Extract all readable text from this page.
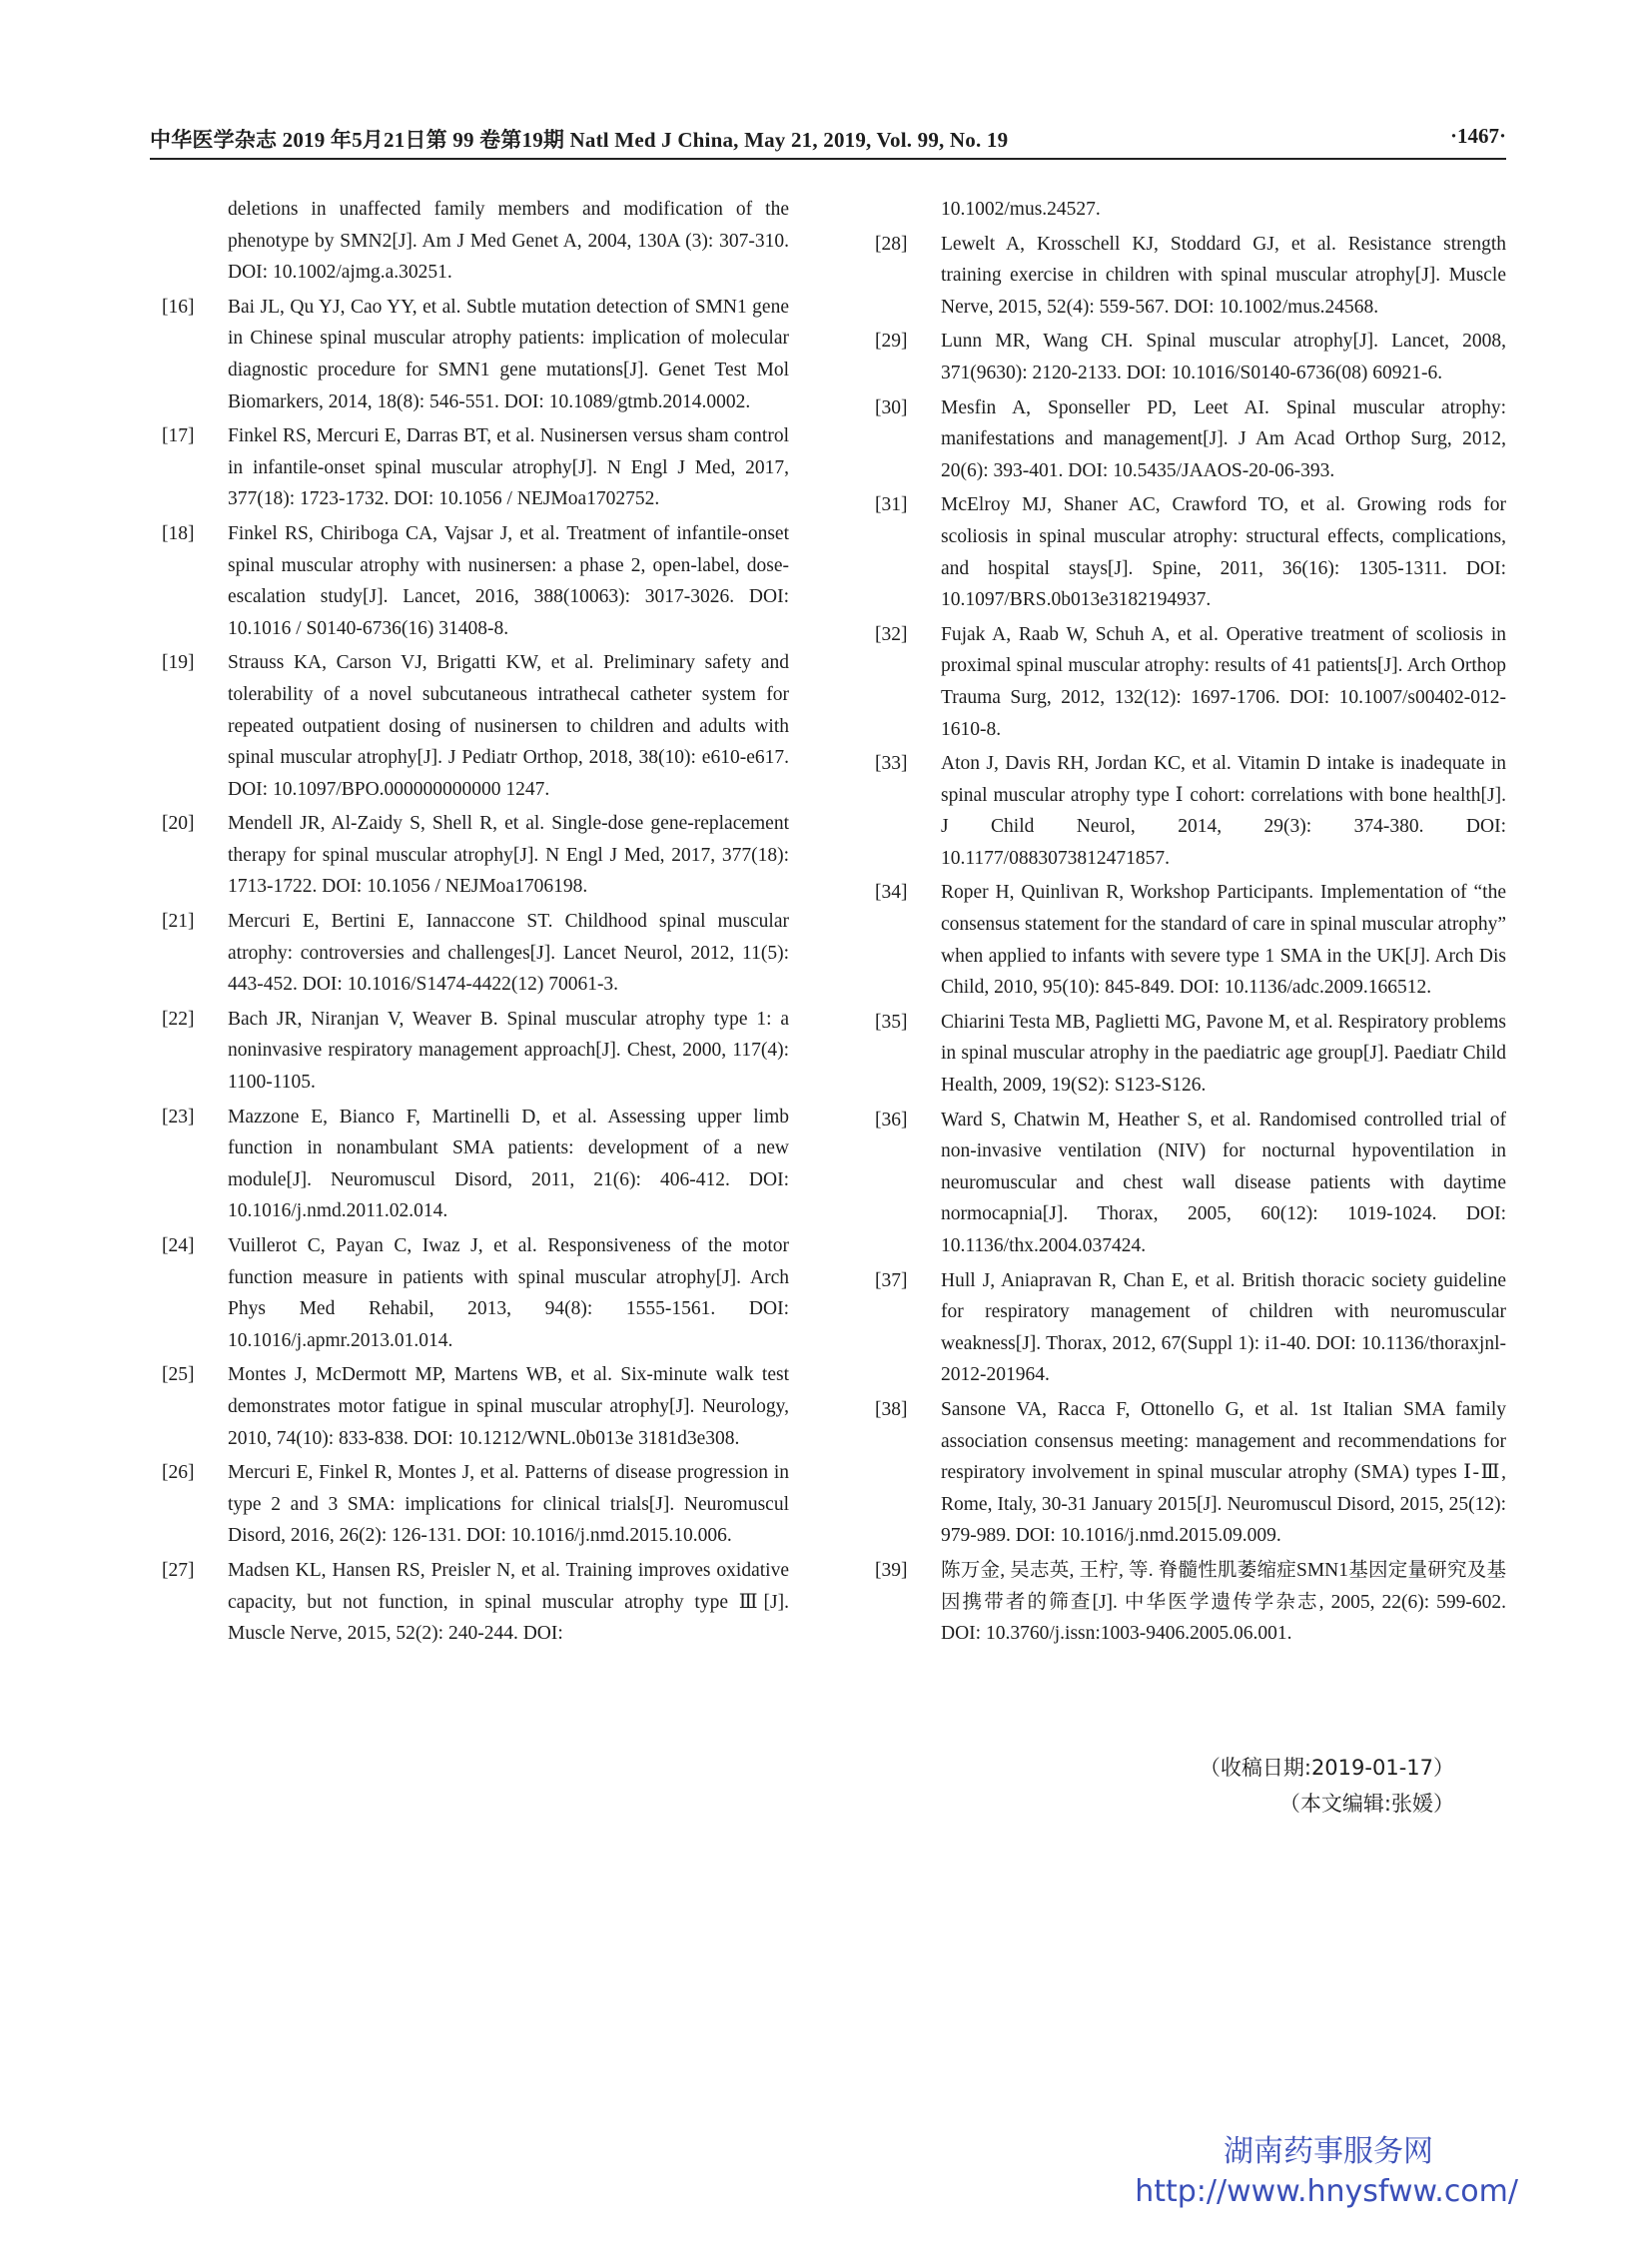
中华医学杂志 2019 年5月21日第 99 卷第19期 Natl Med J China, May 21, 2019, Vol. 99, No. 19	·1467·
deletions in unaffected family members and modification of the phenotype by SMN2[J]. Am J Med Genet A, 2004, 130A (3): 307-310. DOI: 10.1002/ajmg.a.30251.
[16] Bai JL, Qu YJ, Cao YY, et al. Subtle mutation detection of SMN1 gene in Chinese spinal muscular atrophy patients: implication of molecular diagnostic procedure for SMN1 gene mutations[J]. Genet Test Mol Biomarkers, 2014, 18(8): 546-551. DOI: 10.1089/gtmb.2014.0002.
[17] Finkel RS, Mercuri E, Darras BT, et al. Nusinersen versus sham control in infantile-onset spinal muscular atrophy[J]. N Engl J Med, 2017, 377(18): 1723-1732. DOI: 10.1056 / NEJMoa1702752.
[18] Finkel RS, Chiriboga CA, Vajsar J, et al. Treatment of infantile-onset spinal muscular atrophy with nusinersen: a phase 2, open-label, dose-escalation study[J]. Lancet, 2016, 388(10063): 3017-3026. DOI: 10.1016 / S0140-6736(16) 31408-8.
[19] Strauss KA, Carson VJ, Brigatti KW, et al. Preliminary safety and tolerability of a novel subcutaneous intrathecal catheter system for repeated outpatient dosing of nusinersen to children and adults with spinal muscular atrophy[J]. J Pediatr Orthop, 2018, 38(10): e610-e617. DOI: 10.1097/BPO.000000000000 1247.
[20] Mendell JR, Al-Zaidy S, Shell R, et al. Single-dose gene-replacement therapy for spinal muscular atrophy[J]. N Engl J Med, 2017, 377(18): 1713-1722. DOI: 10.1056 / NEJMoa1706198.
[21] Mercuri E, Bertini E, Iannaccone ST. Childhood spinal muscular atrophy: controversies and challenges[J]. Lancet Neurol, 2012, 11(5): 443-452. DOI: 10.1016/S1474-4422(12) 70061-3.
[22] Bach JR, Niranjan V, Weaver B. Spinal muscular atrophy type 1: a noninvasive respiratory management approach[J]. Chest, 2000, 117(4): 1100-1105.
[23] Mazzone E, Bianco F, Martinelli D, et al. Assessing upper limb function in nonambulant SMA patients: development of a new module[J]. Neuromuscul Disord, 2011, 21(6): 406-412. DOI: 10.1016/j.nmd.2011.02.014.
[24] Vuillerot C, Payan C, Iwaz J, et al. Responsiveness of the motor function measure in patients with spinal muscular atrophy[J]. Arch Phys Med Rehabil, 2013, 94(8): 1555-1561. DOI: 10.1016/j.apmr.2013.01.014.
[25] Montes J, McDermott MP, Martens WB, et al. Six-minute walk test demonstrates motor fatigue in spinal muscular atrophy[J]. Neurology, 2010, 74(10): 833-838. DOI: 10.1212/WNL.0b013e 3181d3e308.
[26] Mercuri E, Finkel R, Montes J, et al. Patterns of disease progression in type 2 and 3 SMA: implications for clinical trials[J]. Neuromuscul Disord, 2016, 26(2): 126-131. DOI: 10.1016/j.nmd.2015.10.006.
[27] Madsen KL, Hansen RS, Preisler N, et al. Training improves oxidative capacity, but not function, in spinal muscular atrophy type Ⅲ[J]. Muscle Nerve, 2015, 52(2): 240-244. DOI:
10.1002/mus.24527.
[28] Lewelt A, Krosschell KJ, Stoddard GJ, et al. Resistance strength training exercise in children with spinal muscular atrophy[J]. Muscle Nerve, 2015, 52(4): 559-567. DOI: 10.1002/mus.24568.
[29] Lunn MR, Wang CH. Spinal muscular atrophy[J]. Lancet, 2008, 371(9630): 2120-2133. DOI: 10.1016/S0140-6736(08) 60921-6.
[30] Mesfin A, Sponseller PD, Leet AI. Spinal muscular atrophy: manifestations and management[J]. J Am Acad Orthop Surg, 2012, 20(6): 393-401. DOI: 10.5435/JAAOS-20-06-393.
[31] McElroy MJ, Shaner AC, Crawford TO, et al. Growing rods for scoliosis in spinal muscular atrophy: structural effects, complications, and hospital stays[J]. Spine, 2011, 36(16): 1305-1311. DOI: 10.1097/BRS.0b013e3182194937.
[32] Fujak A, Raab W, Schuh A, et al. Operative treatment of scoliosis in proximal spinal muscular atrophy: results of 41 patients[J]. Arch Orthop Trauma Surg, 2012, 132(12): 1697-1706. DOI: 10.1007/s00402-012-1610-8.
[33] Aton J, Davis RH, Jordan KC, et al. Vitamin D intake is inadequate in spinal muscular atrophy type Ⅰ cohort: correlations with bone health[J]. J Child Neurol, 2014, 29(3): 374-380. DOI: 10.1177/0883073812471857.
[34] Roper H, Quinlivan R, Workshop Participants. Implementation of “the consensus statement for the standard of care in spinal muscular atrophy” when applied to infants with severe type 1 SMA in the UK[J]. Arch Dis Child, 2010, 95(10): 845-849. DOI: 10.1136/adc.2009.166512.
[35] Chiarini Testa MB, Paglietti MG, Pavone M, et al. Respiratory problems in spinal muscular atrophy in the paediatric age group[J]. Paediatr Child Health, 2009, 19(S2): S123-S126.
[36] Ward S, Chatwin M, Heather S, et al. Randomised controlled trial of non-invasive ventilation (NIV) for nocturnal hypoventilation in neuromuscular and chest wall disease patients with daytime normocapnia[J]. Thorax, 2005, 60(12): 1019-1024. DOI: 10.1136/thx.2004.037424.
[37] Hull J, Aniapravan R, Chan E, et al. British thoracic society guideline for respiratory management of children with neuromuscular weakness[J]. Thorax, 2012, 67(Suppl 1): i1-40. DOI: 10.1136/thoraxjnl-2012-201964.
[38] Sansone VA, Racca F, Ottonello G, et al. 1st Italian SMA family association consensus meeting: management and recommendations for respiratory involvement in spinal muscular atrophy (SMA) types Ⅰ-Ⅲ, Rome, Italy, 30-31 January 2015[J]. Neuromuscul Disord, 2015, 25(12): 979-989. DOI: 10.1016/j.nmd.2015.09.009.
[39] 陈万金, 吴志英, 王柠, 等. 脊髓性肌萎缩症SMN1基因定量研究及基因携带者的筛查[J]. 中华医学遗传学杂志, 2005, 22(6): 599-602. DOI: 10.3760/j.issn:1003-9406.2005.06.001.
（收稿日期:2019-01-17）
（本文编辑:张媛）
湖南药事服务网
http://www.hnysfww.com/
